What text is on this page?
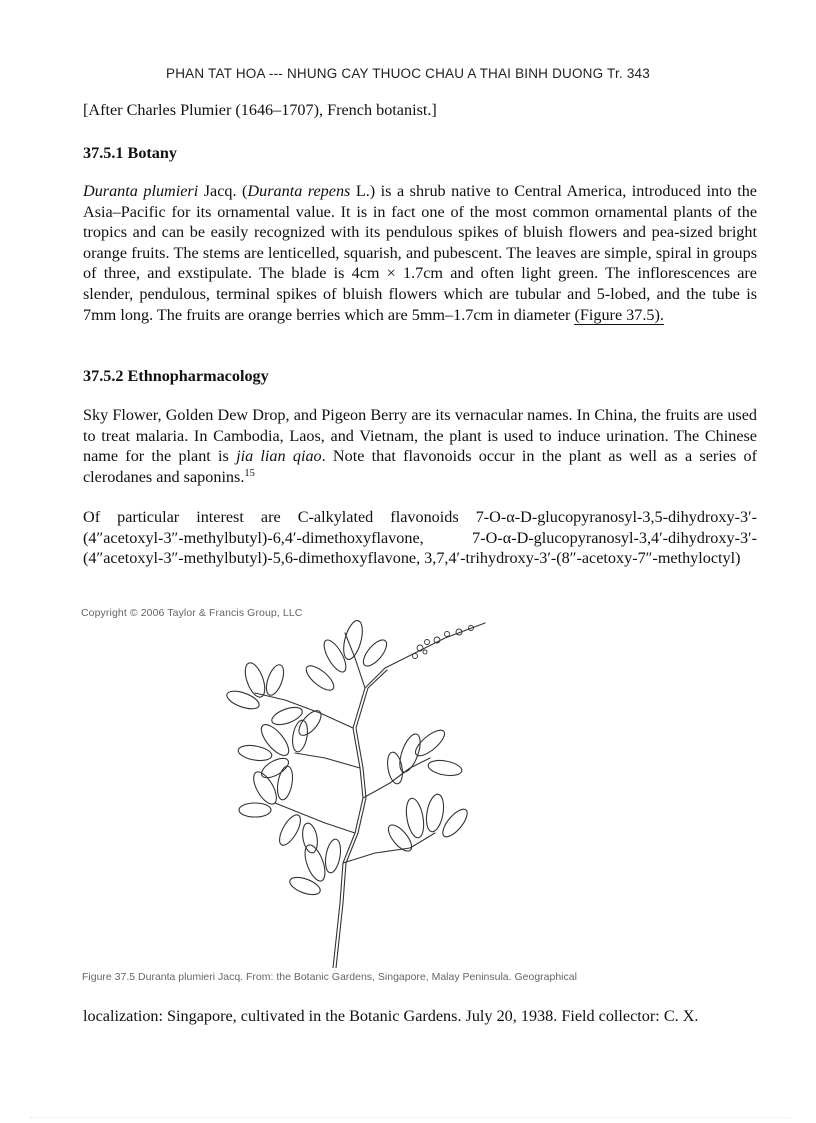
PHAN TAT HOA --- NHUNG CAY THUOC CHAU A THAI BINH DUONG Tr. 343
[After Charles Plumier (1646–1707), French botanist.]
37.5.1 Botany
Duranta plumieri Jacq. (Duranta repens L.) is a shrub native to Central America, introduced into the Asia–Pacific for its ornamental value. It is in fact one of the most common ornamental plants of the tropics and can be easily recognized with its pendulous spikes of bluish flowers and pea-sized bright orange fruits. The stems are lenticelled, squarish, and pubescent. The leaves are simple, spiral in groups of three, and exstipulate. The blade is 4cm × 1.7cm and often light green. The inflorescences are slender, pendulous, terminal spikes of bluish flowers which are tubular and 5-lobed, and the tube is 7mm long. The fruits are orange berries which are 5mm–1.7cm in diameter (Figure 37.5).
37.5.2 Ethnopharmacology
Sky Flower, Golden Dew Drop, and Pigeon Berry are its vernacular names. In China, the fruits are used to treat malaria. In Cambodia, Laos, and Vietnam, the plant is used to induce urination. The Chinese name for the plant is jia lian qiao. Note that flavonoids occur in the plant as well as a series of clerodanes and saponins.$^{15}$
Of particular interest are C-alkylated flavonoids 7-O-α-D-glucopyranosyl-3,5-dihydroxy-3′-(4″acetoxyl-3″-methylbutyl)-6,4′-dimethoxyflavone, 7-O-α-D-glucopyranosyl-3,4′-dihydroxy-3′-(4″acetoxyl-3″-methylbutyl)-5,6-dimethoxyflavone, 3,7,4′-trihydroxy-3′-(8″-acetoxy-7″-methyloctyl)
Copyright © 2006 Taylor & Francis Group, LLC
Figure 37.5 Duranta plumieri Jacq. From: the Botanic Gardens, Singapore, Malay Peninsula. Geographical
localization: Singapore, cultivated in the Botanic Gardens. July 20, 1938. Field collector: C. X.
